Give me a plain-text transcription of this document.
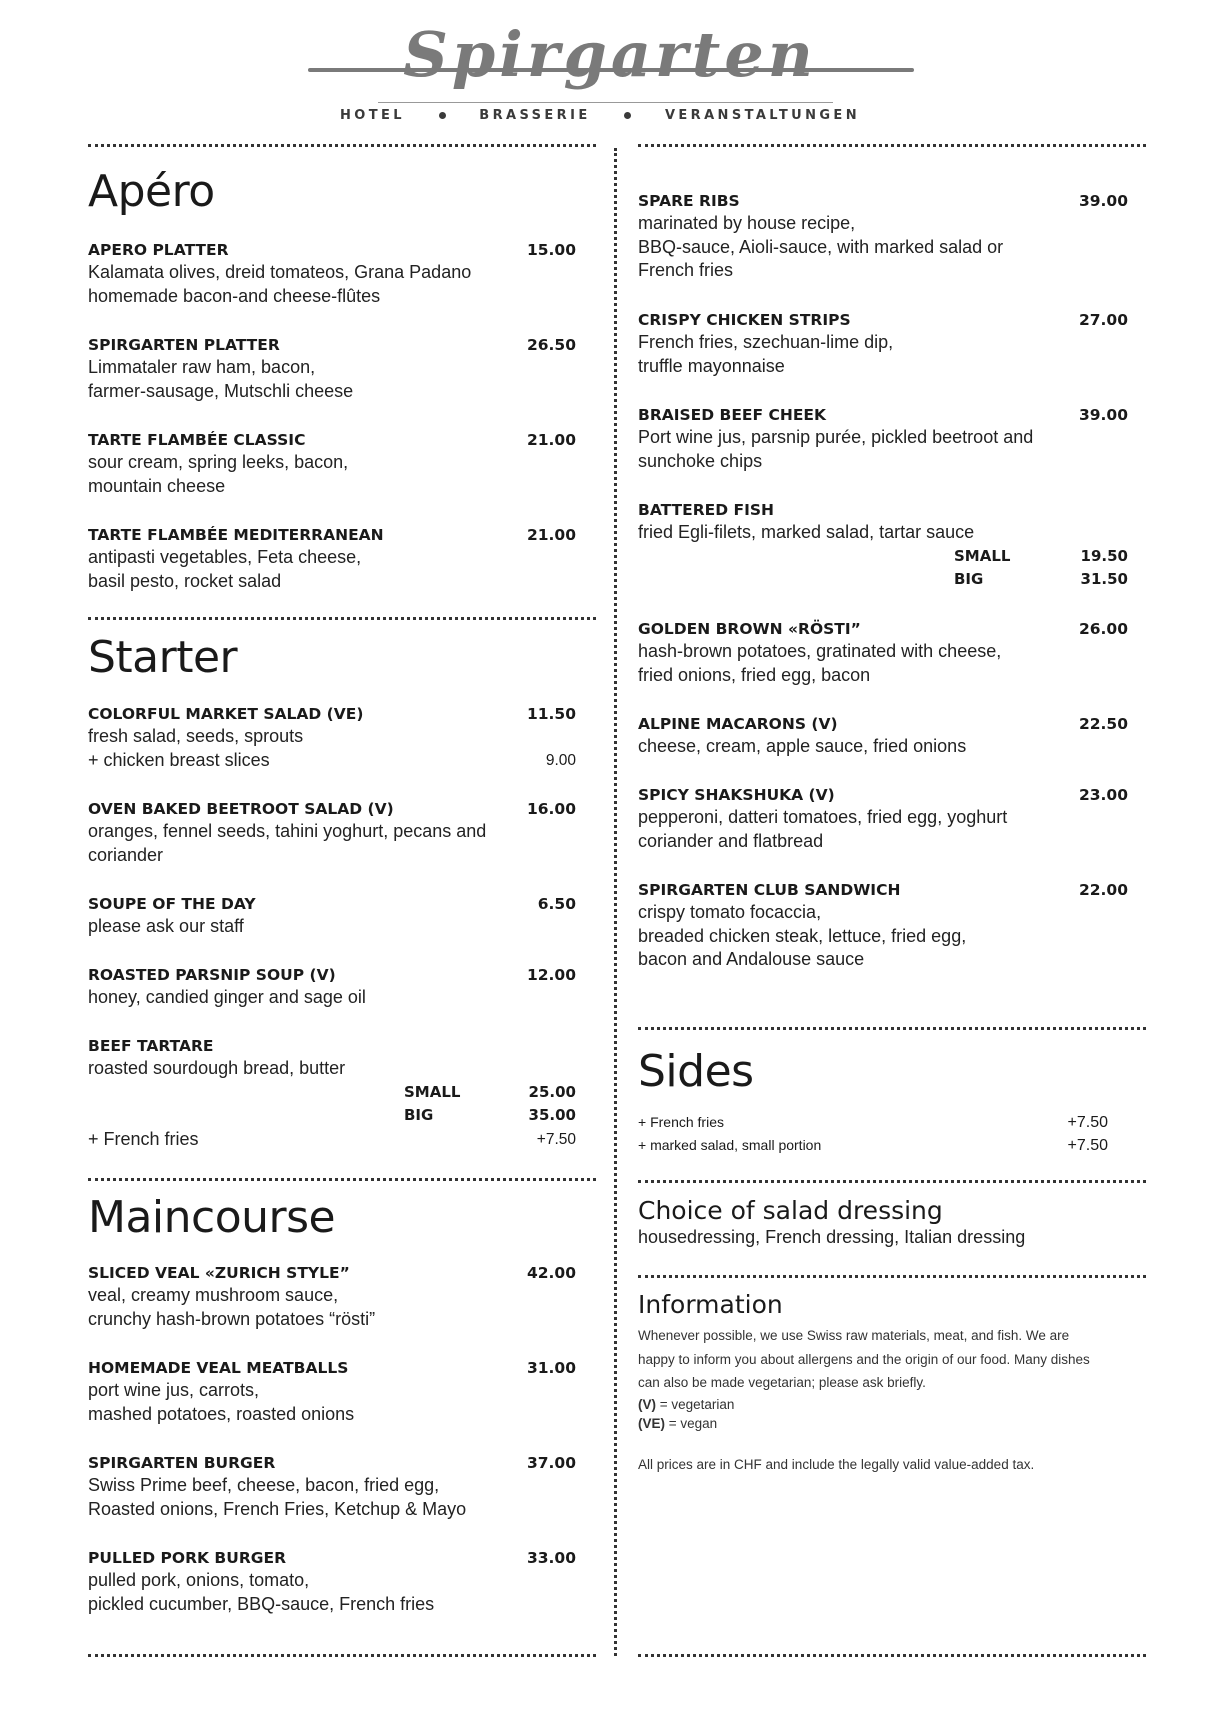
Spirgarten
HOTEL	BRASSERIE	VERANSTALTUNGEN
Apéro
APERO PLATTER	15.00
Kalamata olives, dreid tomateos, Grana Padano
homemade bacon-and cheese-flûtes
SPIRGARTEN PLATTER	26.50
Limmataler raw ham, bacon,
farmer-sausage, Mutschli cheese
TARTE FLAMBÉE CLASSIC	21.00
sour cream, spring leeks, bacon,
mountain cheese
TARTE FLAMBÉE MEDITERRANEAN	21.00
antipasti vegetables, Feta cheese,
basil pesto, rocket salad
Starter
COLORFUL MARKET SALAD (VE)	11.50
fresh salad, seeds, sprouts
+ chicken breast slices	9.00
OVEN BAKED BEETROOT SALAD (V)	16.00
oranges, fennel seeds, tahini yoghurt, pecans and
coriander
SOUPE OF THE DAY	6.50
please ask our staff
ROASTED PARSNIP SOUP (V)	12.00
honey, candied ginger and sage oil
BEEF TARTARE
roasted sourdough bread, butter
SMALL	25.00
BIG	35.00
+ French fries	+7.50
Maincourse
SLICED VEAL «ZURICH STYLE”	42.00
veal, creamy mushroom sauce,
crunchy hash-brown potatoes “rösti”
HOMEMADE VEAL MEATBALLS	31.00
port wine jus, carrots,
mashed potatoes, roasted onions
SPIRGARTEN BURGER	37.00
Swiss Prime beef, cheese, bacon, fried egg,
Roasted onions, French Fries, Ketchup & Mayo
PULLED PORK BURGER	33.00
pulled pork, onions, tomato,
pickled cucumber, BBQ-sauce, French fries
SPARE RIBS	39.00
marinated by house recipe,
BBQ-sauce, Aioli-sauce, with marked salad or
French fries
CRISPY CHICKEN STRIPS	27.00
French fries, szechuan-lime dip,
truffle mayonnaise
BRAISED BEEF CHEEK	39.00
Port wine jus, parsnip purée, pickled beetroot and
sunchoke chips
BATTERED FISH
fried Egli-filets, marked salad, tartar sauce
SMALL	19.50
BIG	31.50
GOLDEN BROWN «RÖSTI”	26.00
hash-brown potatoes, gratinated with cheese,
fried onions, fried egg, bacon
ALPINE MACARONS (V)	22.50
cheese, cream, apple sauce, fried onions
SPICY SHAKSHUKA (V)	23.00
pepperoni, datteri tomatoes, fried egg, yoghurt
coriander and flatbread
SPIRGARTEN CLUB SANDWICH	22.00
crispy tomato focaccia,
breaded chicken steak, lettuce, fried egg,
bacon and Andalouse sauce
Sides
+ French fries	+7.50
+ marked salad, small portion	+7.50
Choice of salad dressing
housedressing, French dressing, Italian dressing
Information
Whenever possible, we use Swiss raw materials, meat, and fish. We are
happy to inform you about allergens and the origin of our food. Many dishes
can also be made vegetarian; please ask briefly.
(V) = vegetarian
(VE) = vegan
All prices are in CHF and include the legally valid value-added tax.
